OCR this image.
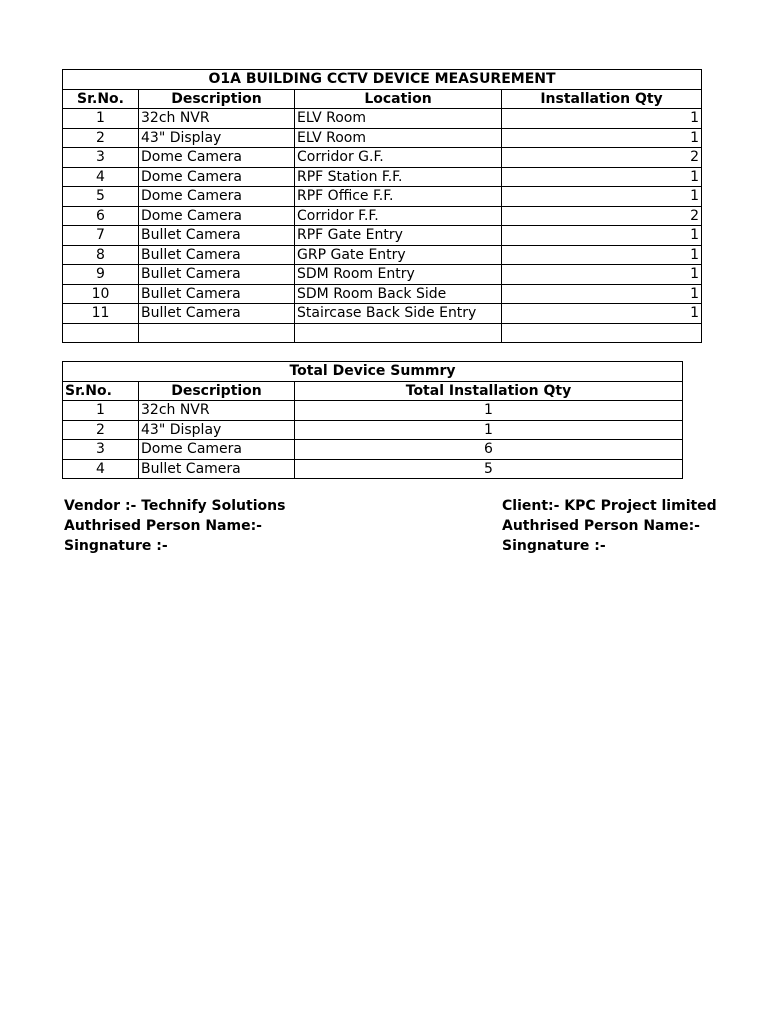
O1A BUILDING CCTV DEVICE MEASUREMENT			
Sr.No.	Description	Location	Installation Qty
1	32ch NVR	ELV Room	1
2	43" Display	ELV Room	1
3	Dome Camera	Corridor G.F.	2
4	Dome Camera	RPF Station F.F.	1
5	Dome Camera	RPF Office F.F.	1
6	Dome Camera	Corridor F.F.	2
7	Bullet Camera	RPF Gate Entry	1
8	Bullet Camera	GRP Gate Entry	1
9	Bullet Camera	SDM Room Entry	1
10	Bullet Camera	SDM Room Back Side	1
11	Bullet Camera	Staircase Back Side Entry	1

Total Device Summry		
Sr.No.	Description	Total Installation Qty
1	32ch NVR	1
2	43" Display	1
3	Dome Camera	6
4	Bullet Camera	5
Vendor :- Technify Solutions
Authrised Person Name:-
Singnature :-
Client:- KPC Project limited
Authrised Person Name:-
Singnature :-
